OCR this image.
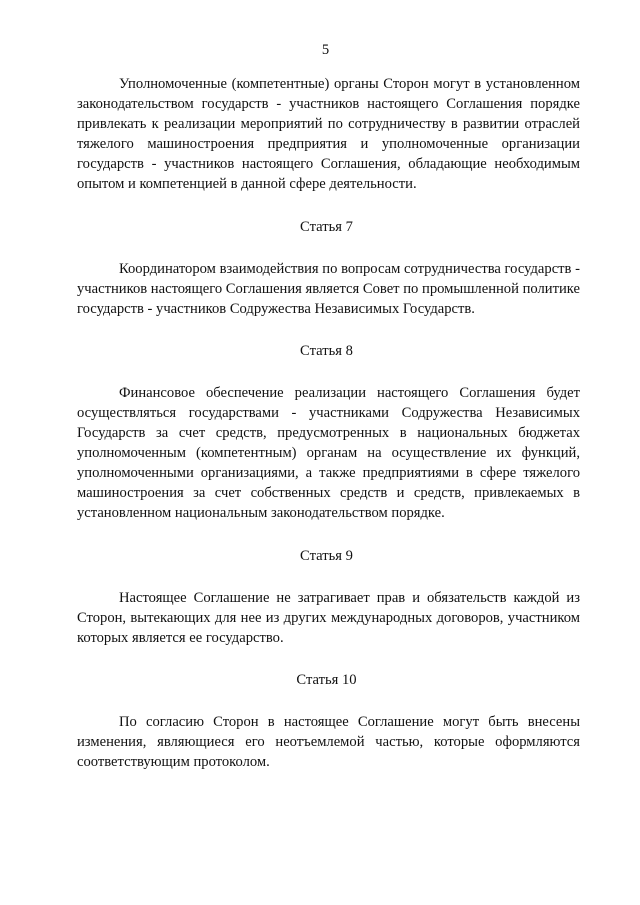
5

Уполномоченные (компетентные) органы Сторон могут в установленном законодательством государств - участников настоящего Соглашения порядке привлекать к реализации мероприятий по сотрудничеству в развитии отраслей тяжелого машиностроения предприятия и уполномоченные организации государств - участников настоящего Соглашения, обладающие необходимым опытом и компетенцией в данной сфере деятельности.

Статья 7

Координатором взаимодействия по вопросам сотрудничества государств - участников настоящего Соглашения является Совет по промышленной политике государств - участников Содружества Независимых Государств.

Статья 8

Финансовое обеспечение реализации настоящего Соглашения будет осуществляться государствами - участниками Содружества Независимых Государств за счет средств, предусмотренных в национальных бюджетах уполномоченным (компетентным) органам на осуществление их функций, уполномоченными организациями, а также предприятиями в сфере тяжелого машиностроения за счет собственных средств и средств, привлекаемых в установленном национальным законодательством порядке.

Статья 9

Настоящее Соглашение не затрагивает прав и обязательств каждой из Сторон, вытекающих для нее из других международных договоров, участником которых является ее государство.

Статья 10

По согласию Сторон в настоящее Соглашение могут быть внесены изменения, являющиеся его неотъемлемой частью, которые оформляются соответствующим протоколом.
